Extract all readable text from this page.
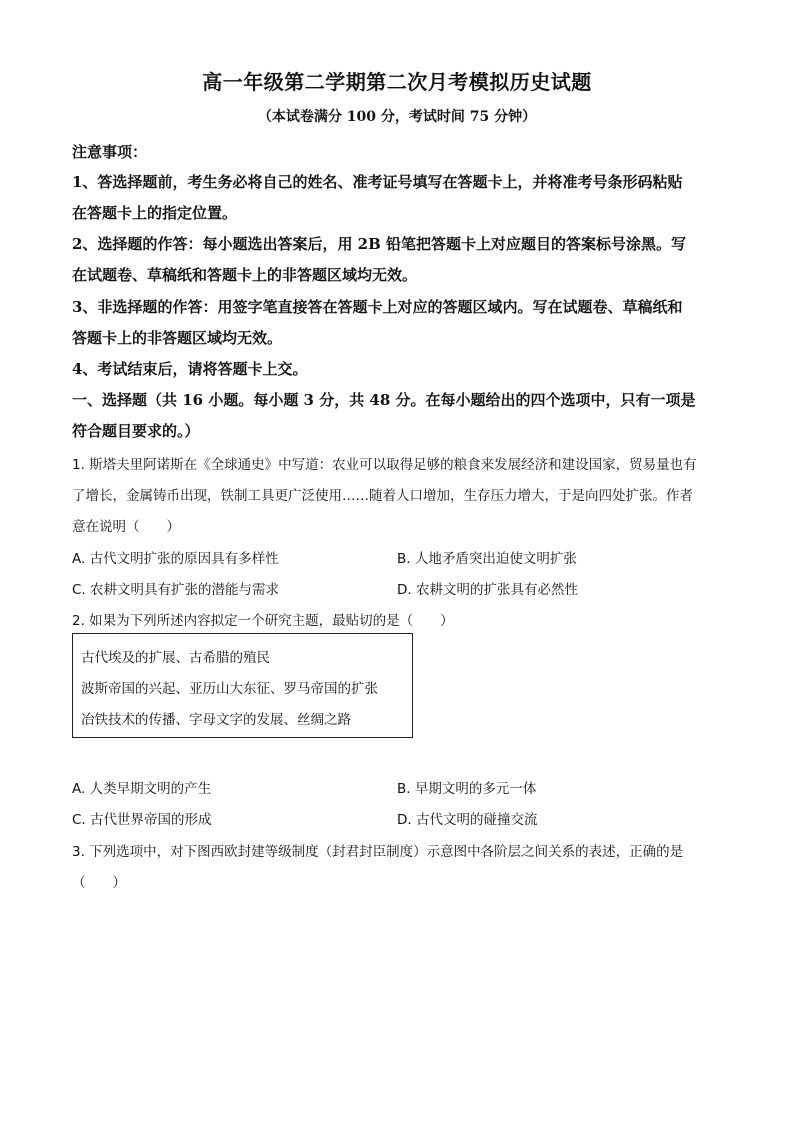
高一年级第二学期第二次月考模拟历史试题
（本试卷满分 100 分，考试时间 75 分钟）
注意事项：
1、答选择题前，考生务必将自己的姓名、准考证号填写在答题卡上，并将准考号条形码粘贴
在答题卡上的指定位置。
2、选择题的作答：每小题选出答案后，用 2B 铅笔把答题卡上对应题目的答案标号涂黑。写
在试题卷、草稿纸和答题卡上的非答题区域均无效。
3、非选择题的作答：用签字笔直接答在答题卡上对应的答题区域内。写在试题卷、草稿纸和
答题卡上的非答题区域均无效。
4、考试结束后，请将答题卡上交。
一、选择题（共 16 小题。每小题 3 分，共 48 分。在每小题给出的四个选项中，只有一项是
符合题目要求的。）
1. 斯塔夫里阿诺斯在《全球通史》中写道：农业可以取得足够的粮食来发展经济和建设国家，贸易量也有
了增长，金属铸币出现，铁制工具更广泛使用……随着人口增加，生存压力增大，于是向四处扩张。作者
意在说明（　　）
A. 古代文明扩张的原因具有多样性	B. 人地矛盾突出迫使文明扩张
C. 农耕文明具有扩张的潜能与需求	D. 农耕文明的扩张具有必然性
2. 如果为下列所述内容拟定一个研究主题，最贴切的是（　　）
古代埃及的扩展、古希腊的殖民
波斯帝国的兴起、亚历山大东征、罗马帝国的扩张
冶铁技术的传播、字母文字的发展、丝绸之路
A. 人类早期文明的产生	B. 早期文明的多元一体
C. 古代世界帝国的形成	D. 古代文明的碰撞交流
3. 下列选项中，对下图西欧封建等级制度（封君封臣制度）示意图中各阶层之间关系的表述，正确的是
（　　）
